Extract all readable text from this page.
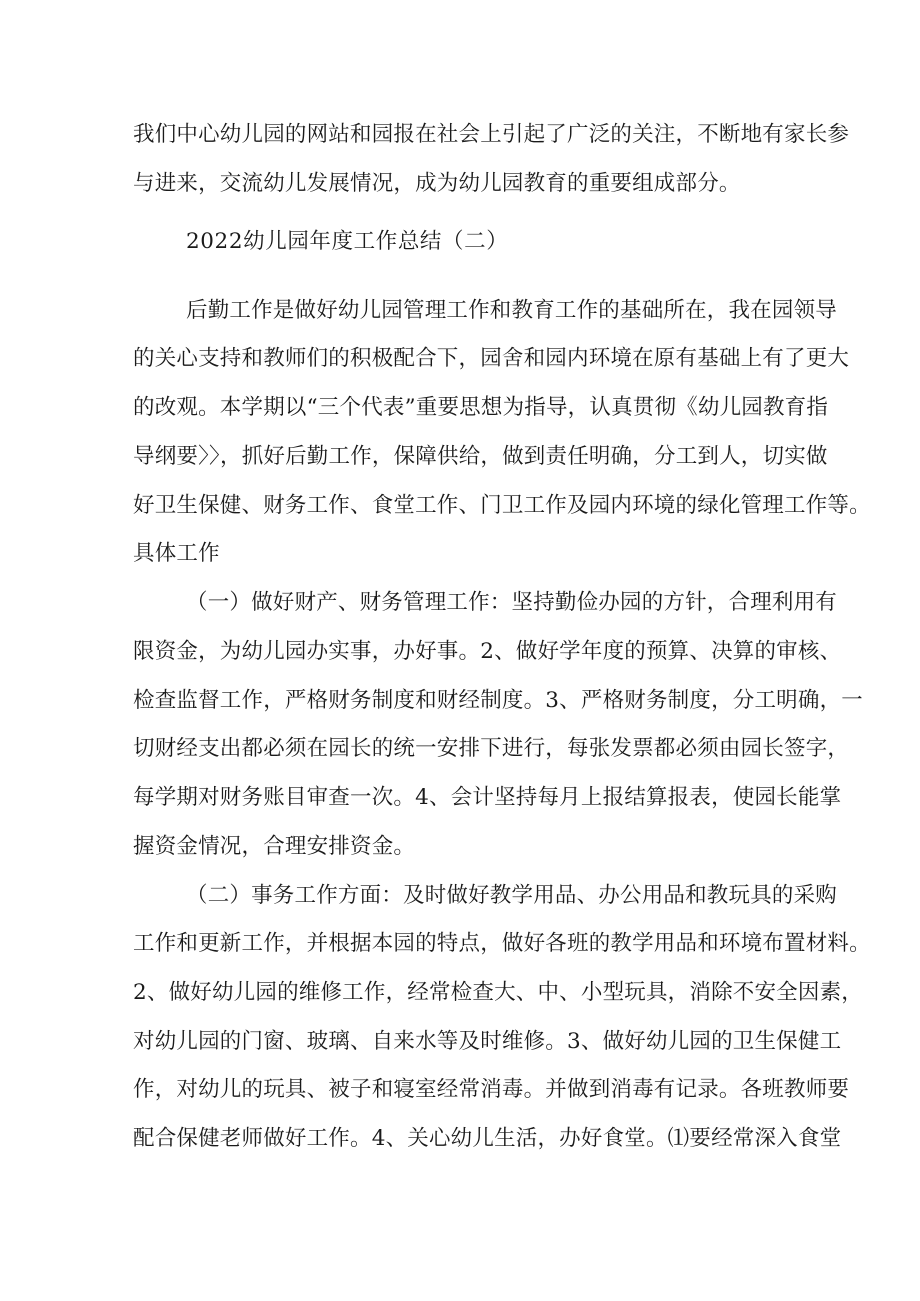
我们中心幼儿园的网站和园报在社会上引起了广泛的关注，不断地有家长参
与进来，交流幼儿发展情况，成为幼儿园教育的重要组成部分。
2022幼儿园年度工作总结（二）
后勤工作是做好幼儿园管理工作和教育工作的基础所在，我在园领导
的关心支持和教师们的积极配合下，园舍和园内环境在原有基础上有了更大
的改观。本学期以“三个代表”重要思想为指导，认真贯彻《幼儿园教育指
导纲要〉〉，抓好后勤工作，保障供给，做到责任明确，分工到人，切实做
好卫生保健、财务工作、食堂工作、门卫工作及园内环境的绿化管理工作等。
具体工作
（一）做好财产、财务管理工作：坚持勤俭办园的方针，合理利用有
限资金，为幼儿园办实事，办好事。2、做好学年度的预算、决算的审核、
检查监督工作，严格财务制度和财经制度。3、严格财务制度，分工明确，一
切财经支出都必须在园长的统一安排下进行，每张发票都必须由园长签字，
每学期对财务账目审查一次。4、会计坚持每月上报结算报表，使园长能掌
握资金情况，合理安排资金。
（二）事务工作方面：及时做好教学用品、办公用品和教玩具的采购
工作和更新工作，并根据本园的特点，做好各班的教学用品和环境布置材料。
2、做好幼儿园的维修工作，经常检查大、中、小型玩具，消除不安全因素，
对幼儿园的门窗、玻璃、自来水等及时维修。3、做好幼儿园的卫生保健工
作，对幼儿的玩具、被子和寝室经常消毒。并做到消毒有记录。各班教师要
配合保健老师做好工作。4、关心幼儿生活，办好食堂。⑴要经常深入食堂
